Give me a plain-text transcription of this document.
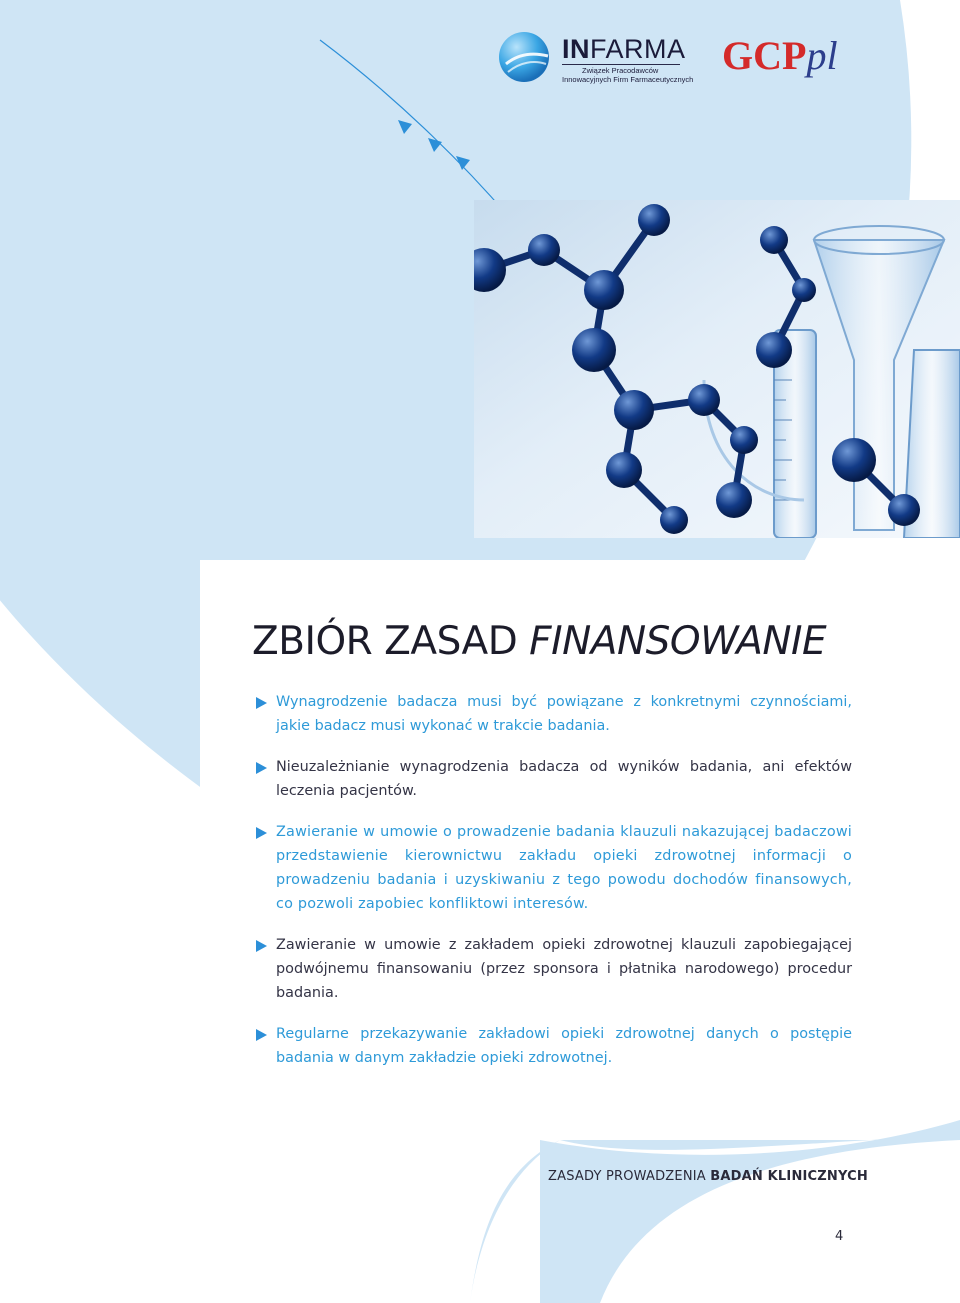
INFARMA
Związek Pracodawców
Innowacyjnych Firm Farmaceutycznych
GCPpl
ZBIÓR ZASAD FINANSOWANIE
Wynagrodzenie badacza musi być powiązane z konkretnymi czynnościami, jakie badacz musi wykonać w trakcie badania.
Nieuzależnianie wynagrodzenia badacza od wyników badania, ani efektów leczenia pacjentów.
Zawieranie w umowie o prowadzenie badania klauzuli nakazującej badaczowi przedstawienie kierownictwu zakładu opieki zdrowotnej informacji o prowadzeniu badania i uzyskiwaniu z tego powodu dochodów finansowych, co pozwoli zapobiec konfliktowi interesów.
Zawieranie w umowie z zakładem opieki zdrowotnej klauzuli zapobiegającej podwójnemu finansowaniu (przez sponsora i płatnika narodowego) procedur badania.
Regularne przekazywanie zakładowi opieki zdrowotnej danych o postępie badania w danym zakładzie opieki zdrowotnej.
ZASADY PROWADZENIA BADAŃ KLINICZNYCH
4
